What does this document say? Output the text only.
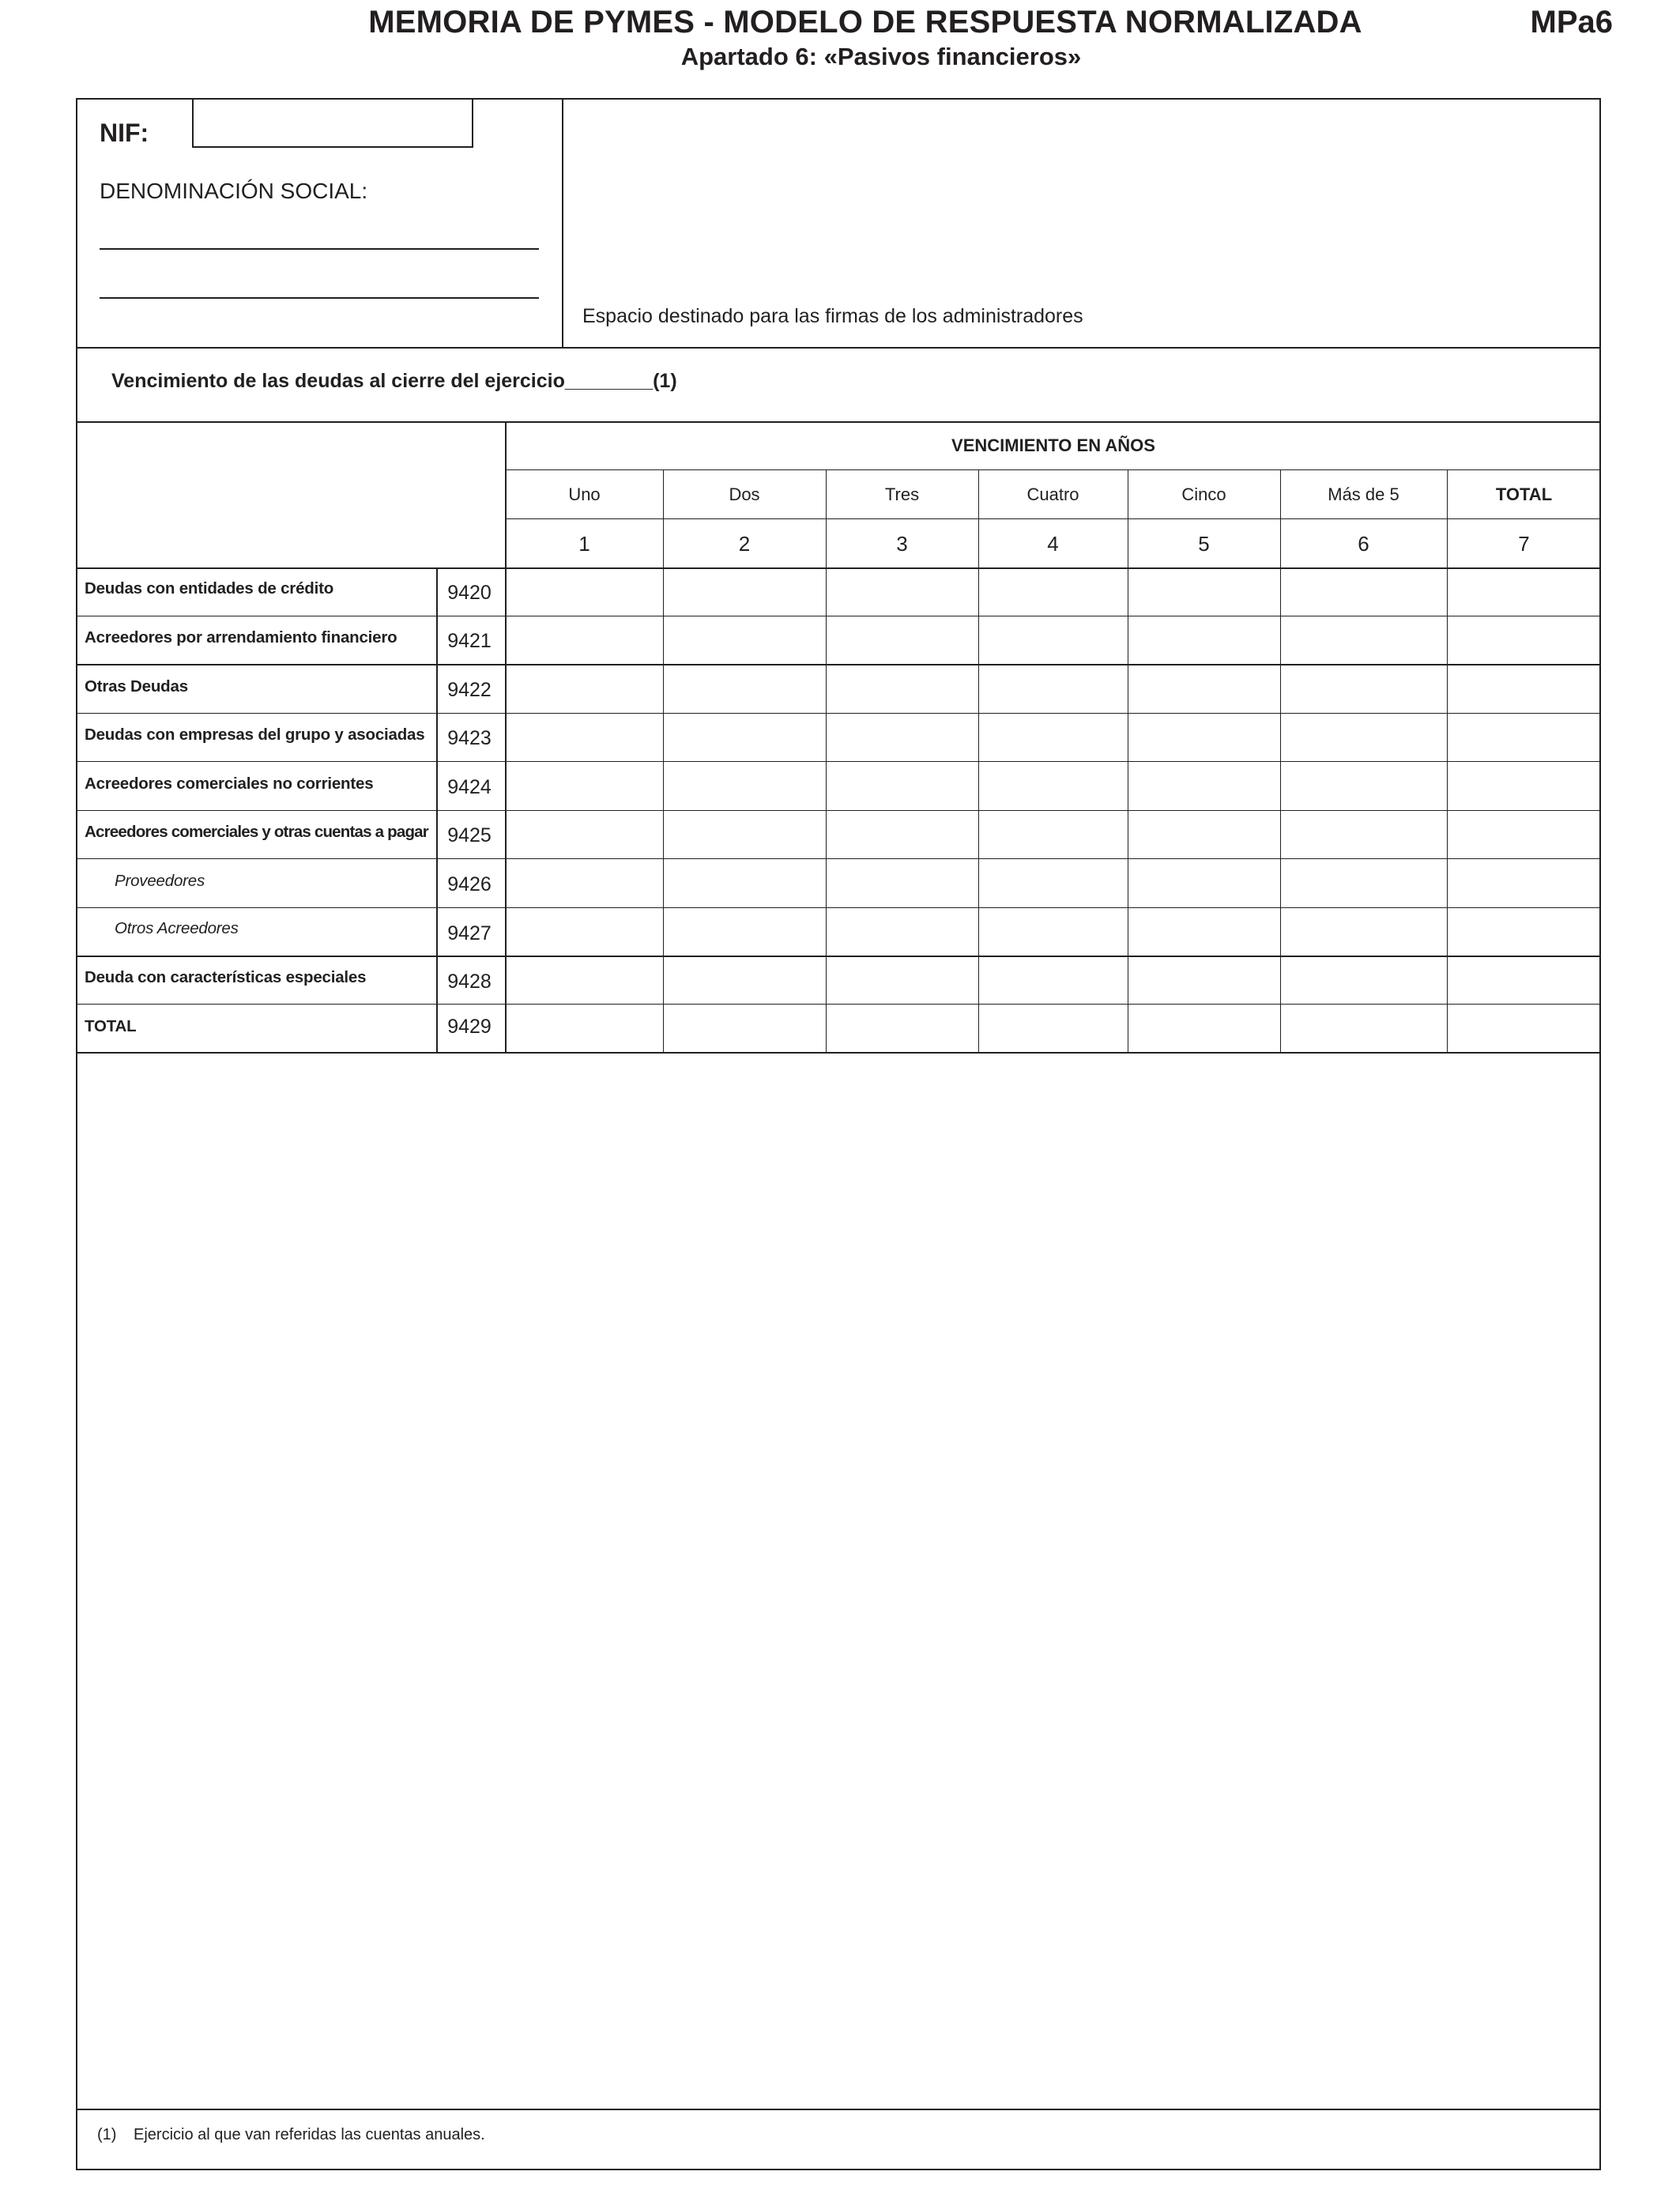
MEMORIA DE PYMES - MODELO DE RESPUESTA NORMALIZADA
Apartado 6: «Pasivos financieros»
MPa6
NIF:
DENOMINACIÓN SOCIAL:
Espacio destinado para las firmas de los administradores
Vencimiento de las deudas al cierre del ejercicio________(1)
VENCIMIENTO EN AÑOS
Uno	Dos	Tres	Cuatro	Cinco	Más de 5	TOTAL
1	2	3	4	5	6	7
Deudas con entidades de crédito	9420
Acreedores por arrendamiento financiero	9421
Otras Deudas	9422
Deudas con empresas del grupo y asociadas	9423
Acreedores comerciales no corrientes	9424
Acreedores comerciales y otras cuentas a pagar 9425
Proveedores	9426
Otros Acreedores	9427
Deuda con características especiales	9428
TOTAL	9429
(1) Ejercicio al que van referidas las cuentas anuales.
